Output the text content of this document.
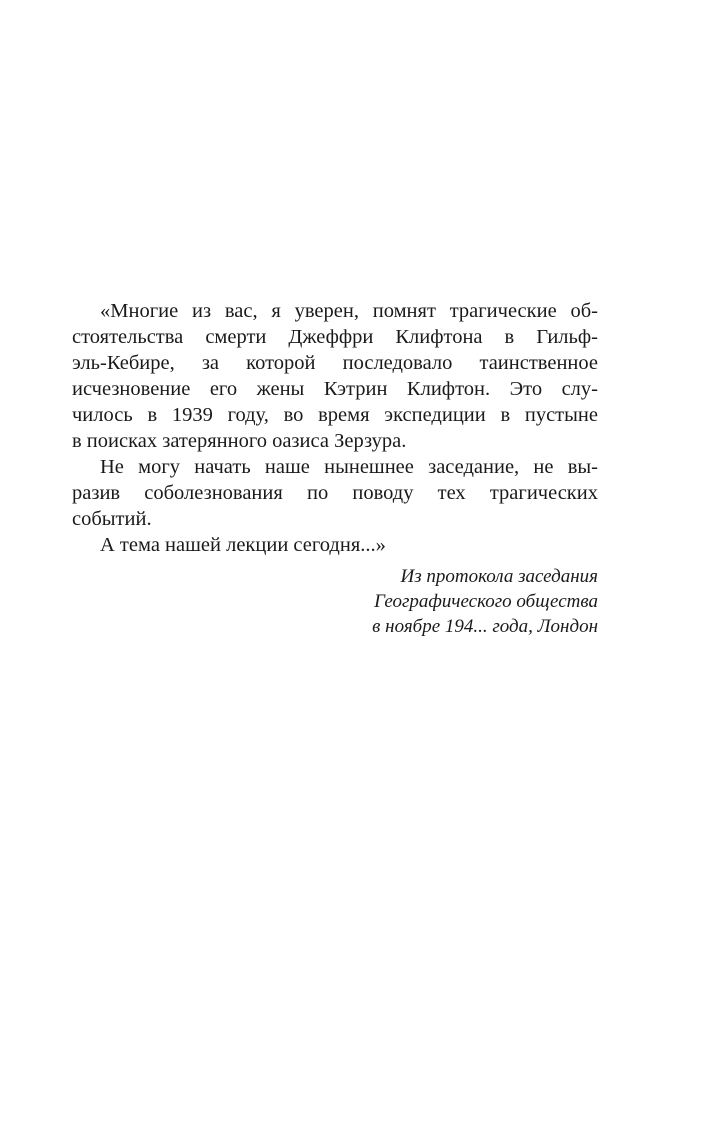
«Многие из вас, я уверен, помнят трагические об-
стоятельства смерти Джеффри Клифтона в Гильф-
эль-Кебире, за которой последовало таинственное
исчезновение его жены Кэтрин Клифтон. Это слу-
чилось в 1939 году, во время экспедиции в пустыне
в поисках затерянного оазиса Зерзура.
Не могу начать наше нынешнее заседание, не вы-
разив соболезнования по поводу тех трагических
событий.
А тема нашей лекции сегодня...»
Из протокола заседания
Географического общества
в ноябре 194... года, Лондон
